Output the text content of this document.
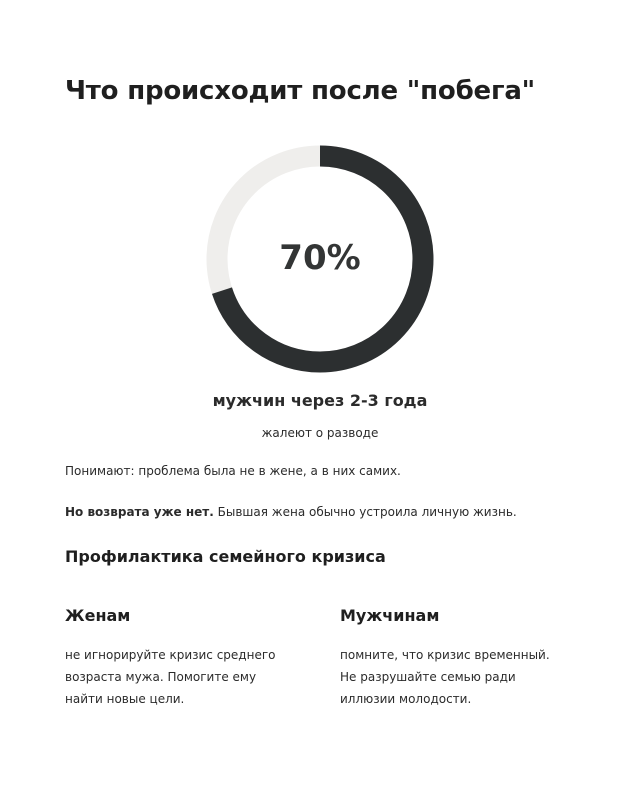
Что происходит после "побега"
70%
мужчин через 2-3 года
жалеют о разводе

Понимают: проблема была не в жене, а в них самих.

Но возврата уже нет. Бывшая жена обычно устроила личную жизнь.

Профилактика семейного кризиса
Женам

не игнорируйте кризис среднего
возраста мужа. Помогите ему
найти новые цели.

Мужчинам

помните, что кризис временный.
Не разрушайте семью ради
иллюзии молодости.
